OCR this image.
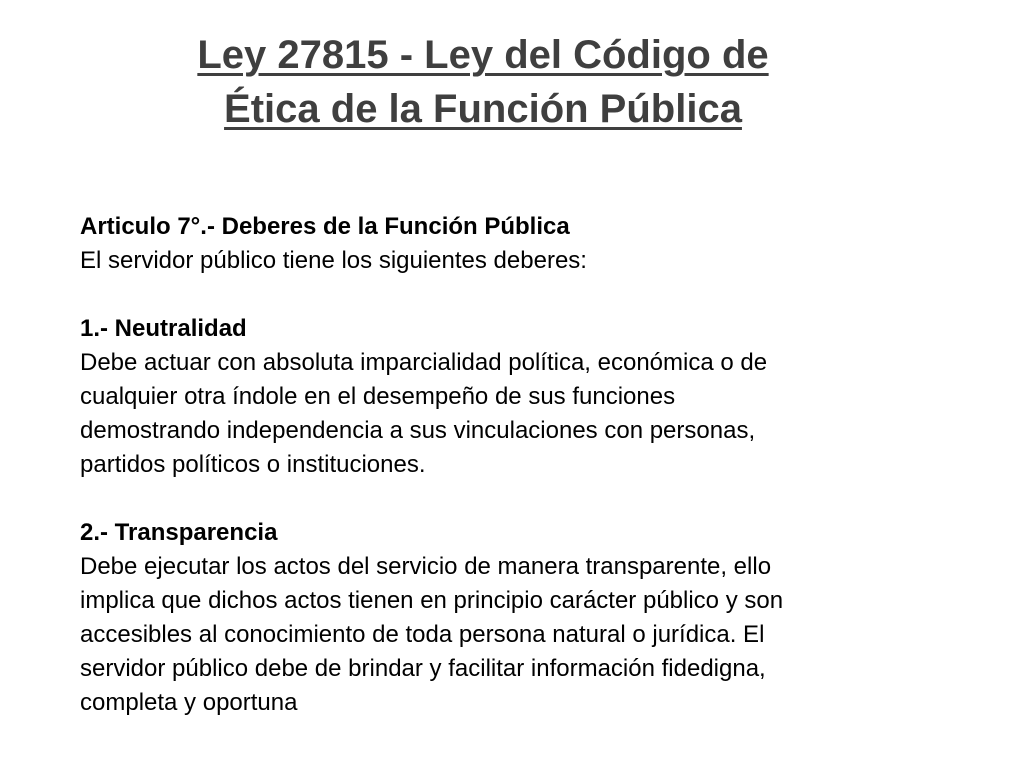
Ley 27815 - Ley del Código de
Ética de la Función Pública

Articulo 7°.- Deberes de la Función Pública

El servidor público tiene los siguientes deberes:

1.- Neutralidad

Debe actuar con absoluta imparcialidad política, económica o de

cualquier otra índole en el desempeño de sus funciones

demostrando independencia a sus vinculaciones con personas,

partidos políticos o instituciones.

2.- Transparencia

Debe ejecutar los actos del servicio de manera transparente, ello

implica que dichos actos tienen en principio carácter público y son

accesibles al conocimiento de toda persona natural o jurídica. El

servidor público debe de brindar y facilitar información fidedigna,

completa y oportuna
